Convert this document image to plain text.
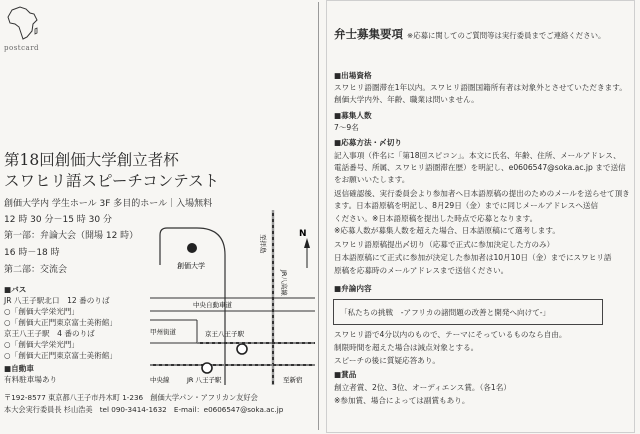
postcard
第18回創価大学創立者杯
スワヒリ語スピーチコンテスト
創価大学内 学生ホール 3F 多目的ホール｜入場無料
12 時 30 分－15 時 30 分
第一部：弁論大会（開場 12 時）
16 時－18 時
第二部：交流会
■バス
JR 八王子駅北口　12 番のりば
○「創価大学栄光門」
○「創価大正門東京富士美術館」
京王八王子駅　4 番のりば
○「創価大学栄光門」
○「創価大正門東京富士美術館」
■自動車
有料駐車場あり
〒192-8577 東京都八王子市丹木町 1-236　創価大学パン・アフリカン友好会
本大会実行委員長 杉山浩美　tel 090-3414-1632　E-mail：e0606547@soka.ac.jp
創価大学
至拝島
JR八高線
中央自動車道
甲州街道	京王八王子駅
中央線	JR 八王子駅	至新宿
N
弁士募集要項 ※応募に関してのご質問等は実行委員までご連絡ください。
■出場資格
スワヒリ語圏滞在1年以内。スワヒリ語圏国籍所有者は対象外とさせていただきます。
創価大学内外、年齢、職業は問いません。
■募集人数
7～9名
■応募方法・〆切り
記入事項（件名に「第18回スピコン」。本文に氏名、年齢、住所、メールアドレス、
電話番号、所属、スワヒリ語圏滞在歴）を明記し、e0606547@soka.ac.jp まで送信
をお願いいたします。
返信確認後、実行委員会より参加者へ日本語原稿の提出のためのメールを送らせて頂き
ます。日本語原稿を明記し、8月29日（金）までに同じメールアドレスへ送信
ください。※日本語原稿を提出した時点で応募となります。
※応募人数が募集人数を超えた場合、日本語原稿にて選考します。
スワヒリ語原稿提出〆切り（応募で正式に参加決定した方のみ）
日本語原稿にて正式に参加が決定した参加者は10月10日（金）までにスワヒリ語
原稿を応募時のメールアドレスまで送信ください。
■弁論内容
「私たちの挑戦　-アフリカの諸問題の改善と開発へ向けて-」
スワヒリ語で4分以内のもので、テーマにそっているものなら自由。
制限時間を超えた場合は減点対象とする。
スピーチの後に質疑応答あり。
■賞品
創立者賞、2位、3位、オーディエンス賞。（各1名）
※参加賞、場合によっては副賞もあり。
